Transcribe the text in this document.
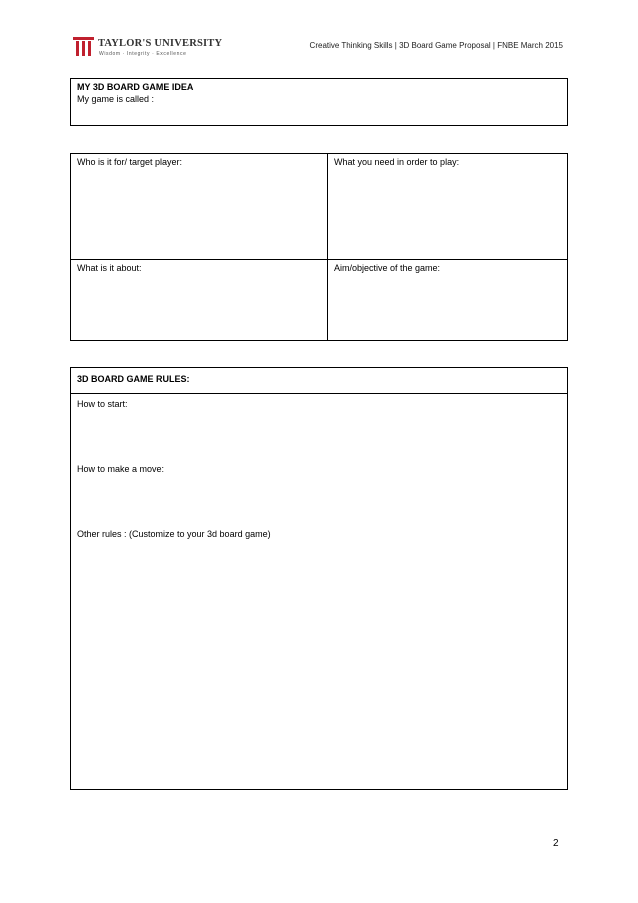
TAYLOR'S UNIVERSITY
Wisdom · Integrity · Excellence
Creative Thinking Skills | 3D Board Game Proposal | FNBE March 2015
MY 3D BOARD GAME IDEA
My game is called :
Who is it for/ target player:	What you need in order to play:
What is it about:	Aim/objective of the game:
3D BOARD GAME RULES:
How to start:
How to make a move:
Other rules : (Customize to your 3d board game)
2
